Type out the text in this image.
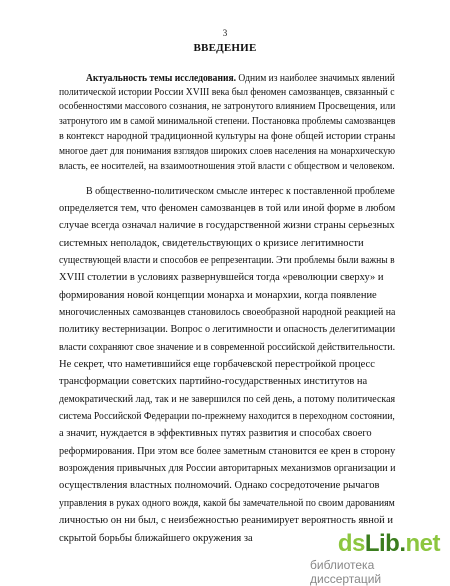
3
ВВЕДЕНИЕ
Актуальность темы исследования. Одним из наиболее значимых явлений
политической истории России XVIII века был феномен самозванцев, связанный с
особенностями массового сознания, не затронутого влиянием Просвещения, или
затронутого им в самой минимальной степени. Постановка проблемы самозванцев
в контекст народной традиционной культуры на фоне общей истории страны
многое дает для понимания взглядов широких слоев населения на монархическую
власть, ее носителей, на взаимоотношения этой власти с обществом и человеком.
В общественно-политическом смысле интерес к поставленной проблеме
определяется тем, что феномен самозванцев в той или иной форме в любом
случае всегда означал наличие в государственной жизни страны серьезных
системных неполадок, свидетельствующих о кризисе легитимности
существующей власти и способов ее репрезентации. Эти проблемы были важны в
XVIII столетии в условиях развернувшейся тогда «революции сверху» и
формирования новой концепции монарха и монархии, когда появление
многочисленных самозванцев становилось своеобразной народной реакцией на
политику вестернизации. Вопрос о легитимности и опасность делегитимации
власти сохраняют свое значение и в современной российской действительности.
Не секрет, что наметившийся еще горбачевской перестройкой процесс
трансформации советских партийно-государственных институтов на
демократический лад, так и не завершился по сей день, а потому политическая
система Российской Федерации по-прежнему находится в переходном состоянии,
а значит, нуждается в эффективных путях развития и способах своего
реформирования. При этом все более заметным становится ее крен в сторону
возрождения привычных для России авторитарных механизмов организации и
осуществления властных полномочий. Однако сосредоточение рычагов
управления в руках одного вождя, какой бы замечательной по своим дарованиям
личностью он ни был, с неизбежностью реанимирует вероятность явной и
скрытой борьбы ближайшего окружения за	dsLib.net
библиотека диссертаций
